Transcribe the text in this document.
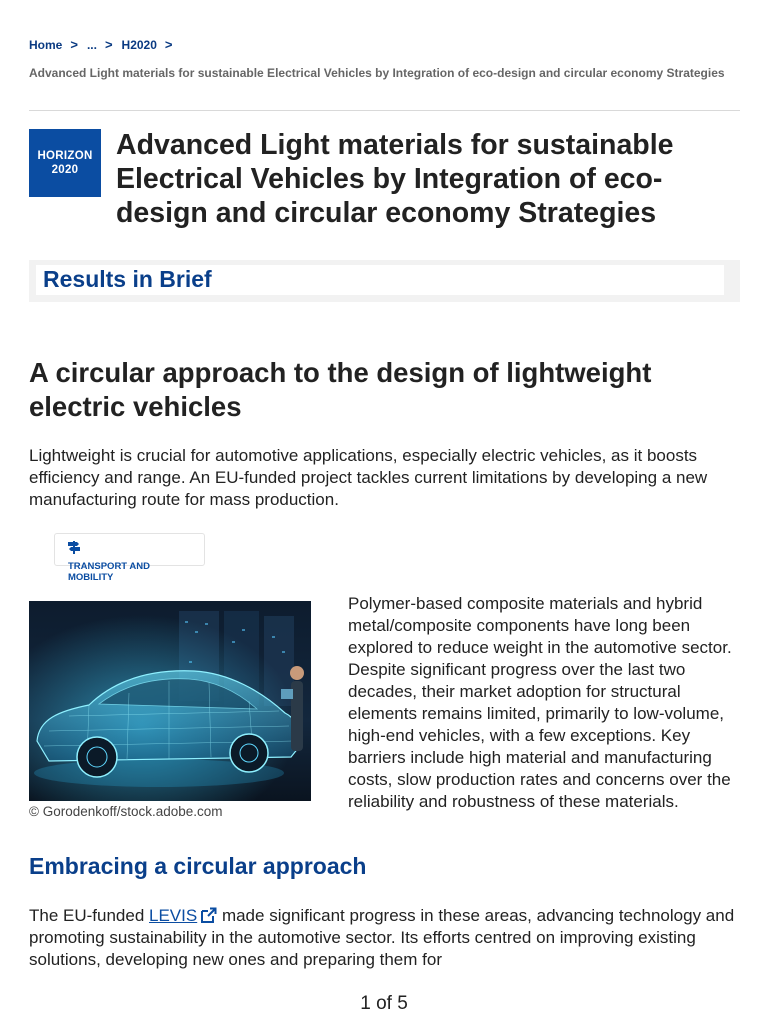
Home > ... > H2020 >
Advanced Light materials for sustainable Electrical Vehicles by Integration of eco-design and circular economy Strategies
HORIZON
2020
Advanced Light materials for sustainable Electrical Vehicles by Integration of eco-design and circular economy Strategies
Results in Brief
A circular approach to the design of lightweight electric vehicles

Lightweight is crucial for automotive applications, especially electric vehicles, as it boosts efficiency and range. An EU-funded project tackles current limitations by developing a new manufacturing route for mass production.

TRANSPORT AND MOBILITY
© Gorodenkoff/stock.adobe.com

Polymer-based composite materials and hybrid metal/composite components have long been explored to reduce weight in the automotive sector. Despite significant progress over the last two decades, their market adoption for structural elements remains limited, primarily to low-volume, high-end vehicles, with a few exceptions. Key barriers include high material and manufacturing costs, slow production rates and concerns over the reliability and robustness of these materials.

Embracing a circular approach

The EU-funded LEVIS made significant progress in these areas, advancing technology and promoting sustainability in the automotive sector. Its efforts centred on improving existing solutions, developing new ones and preparing them for

1 of 5
